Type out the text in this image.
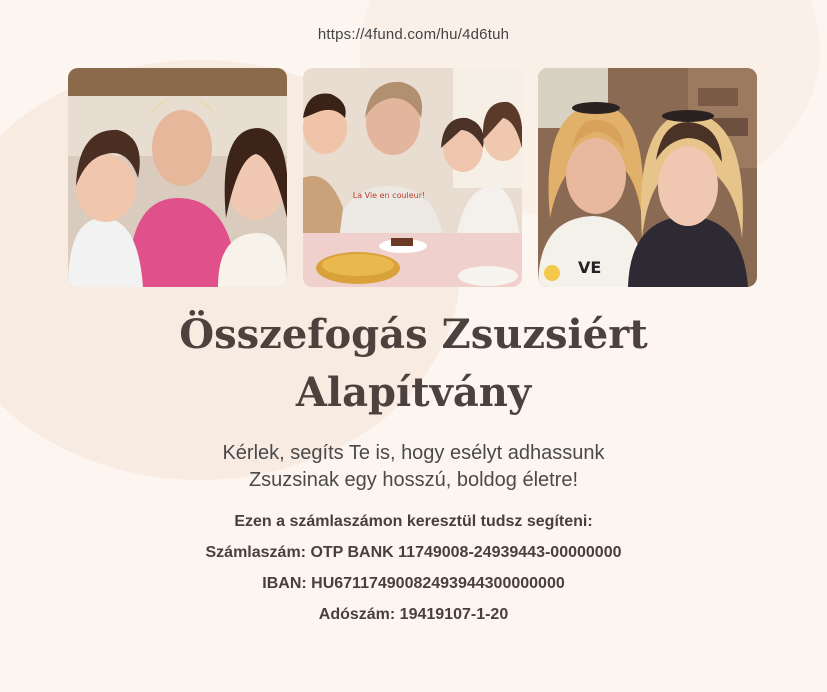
https://4fund.com/hu/4d6tuh
La Vie en couleur!
VE
Összefogás Zsuzsiért
Alapítvány
Kérlek, segíts Te is, hogy esélyt adhassunk
Zsuzsinak egy hosszú, boldog életre!
Ezen a számlaszámon keresztül tudsz segíteni:
Számlaszám: OTP BANK 11749008-24939443-00000000
IBAN: HU67117490082493944300000000
Adószám: 19419107-1-20
